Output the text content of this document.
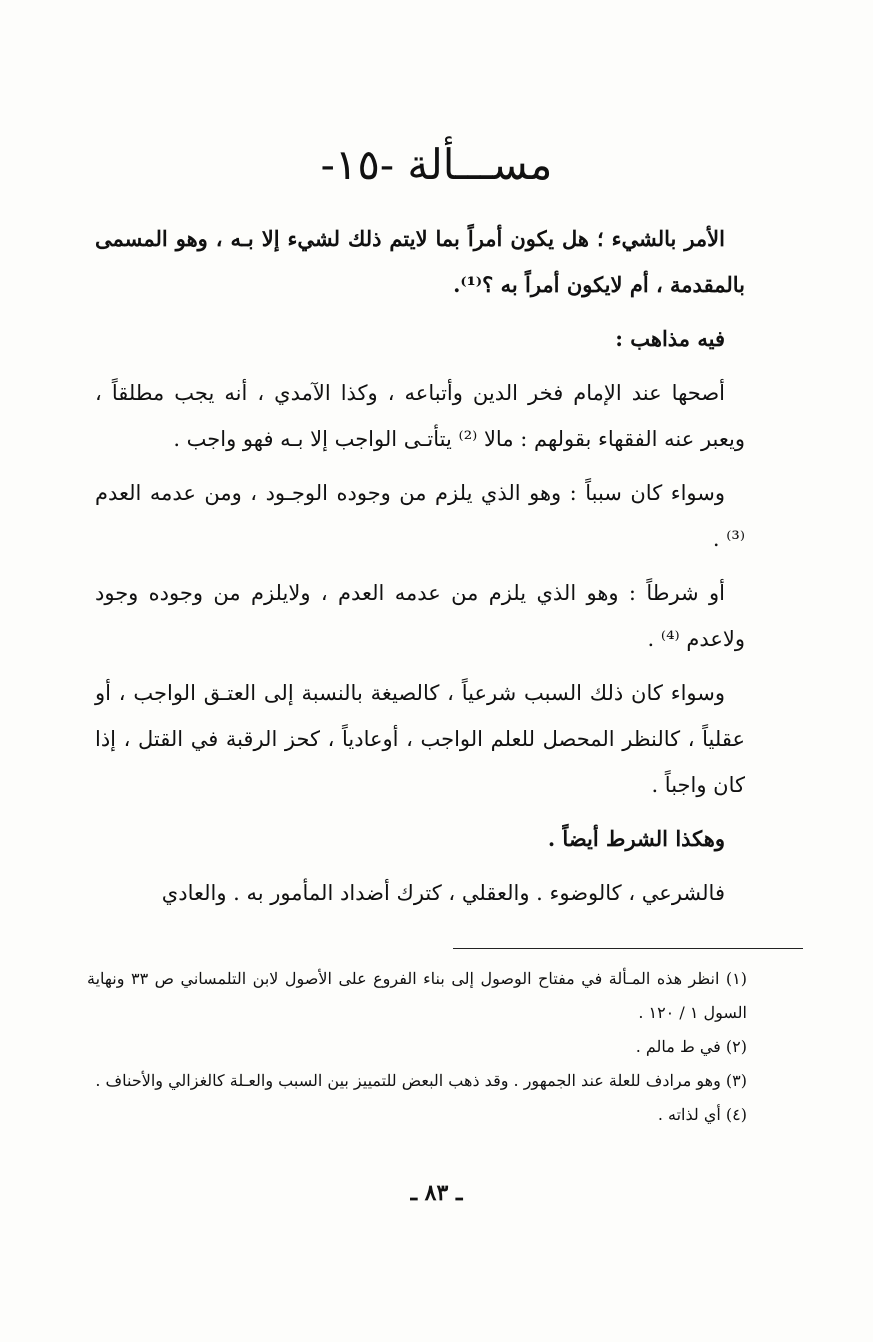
مســـألة -١٥-

الأمر بالشيء ؛ هل يكون أمراً بما لايتم ذلك لشيء إلا بـه ، وهو المسمى بالمقدمة ، أم لايكون أمراً به ؟⁽¹⁾.

فيه مذاهب :

أصحها عند الإمام فخر الدين وأتباعه ، وكذا الآمدي ، أنه يجب مطلقاً ، ويعبر عنه الفقهاء بقولهم : مالا ⁽²⁾ يتأتـى الواجب إلا بـه فهو واجب .

وسواء كان سبباً : وهو الذي يلزم من وجوده الوجـود ، ومن عدمه العدم ⁽³⁾ .

أو شرطاً : وهو الذي يلزم من عدمه العدم ، ولايلزم من وجوده وجود ولاعدم ⁽⁴⁾ .

وسواء كان ذلك السبب شرعياً ، كالصيغة بالنسبة إلى العتـق الواجب ، أو عقلياً ، كالنظر المحصل للعلم الواجب ، أوعادياً ، كحز الرقبة في القتل ، إذا كان واجباً .

وهكذا الشرط أيضاً .

فالشرعي ، كالوضوء . والعقلي ، كترك أضداد المأمور به . والعادي

(١) انظر هذه المـألة في مفتاح الوصول إلى بناء الفروع على الأصول لابن التلمساني ص ٣٣ ونهاية السول ١ / ١٢٠ .

(٢) في ط مالم .

(٣) وهو مرادف للعلة عند الجمهور . وقد ذهب البعض للتمييز بين السبب والعـلة كالغزالي والأحناف .

(٤) أي لذاته .

ـ ٨٣ ـ
